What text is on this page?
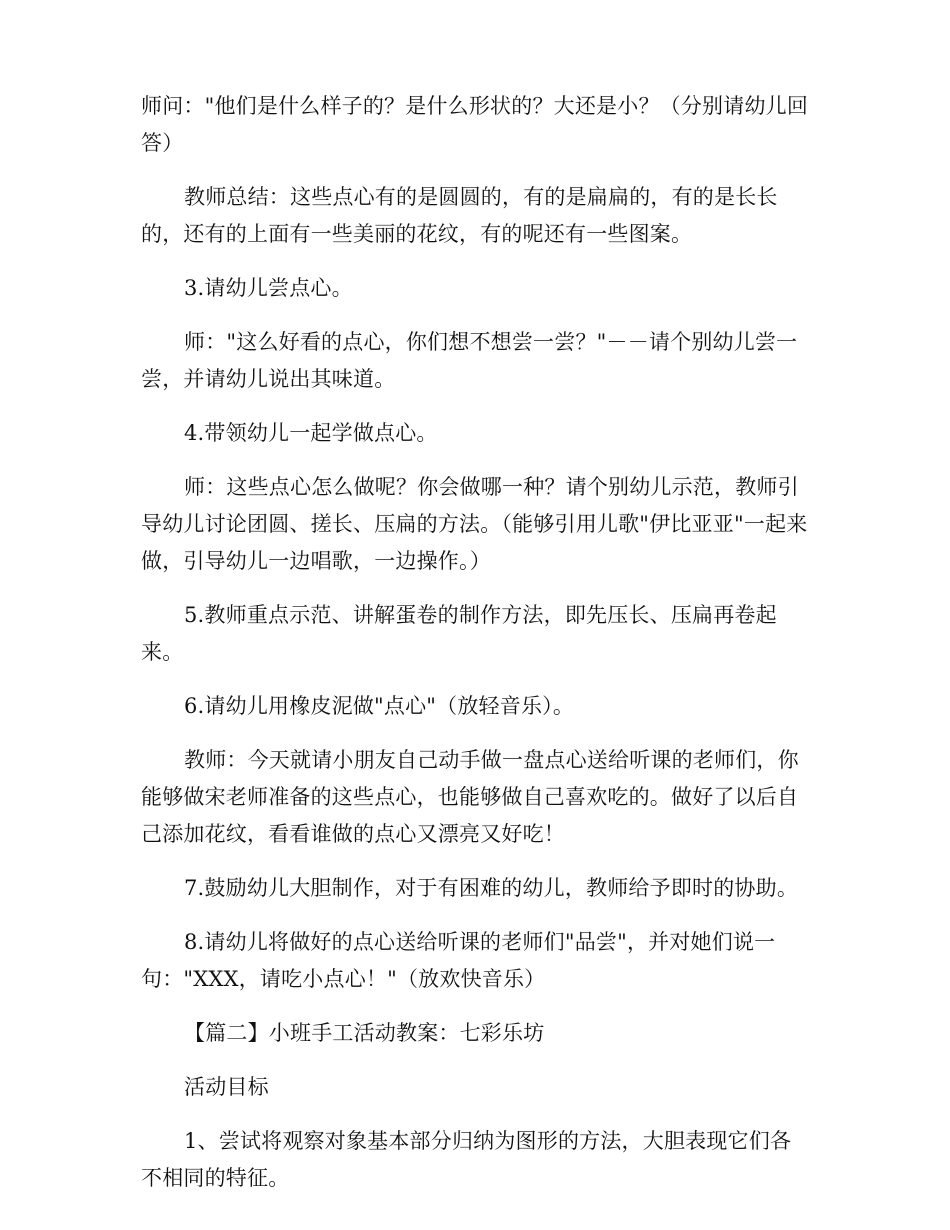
师问："他们是什么样子的？是什么形状的？大还是小？（分别请幼儿回答）

教师总结：这些点心有的是圆圆的，有的是扁扁的，有的是长长的，还有的上面有一些美丽的花纹，有的呢还有一些图案。

3.请幼儿尝点心。

师："这么好看的点心，你们想不想尝一尝？"－－请个别幼儿尝一尝，并请幼儿说出其味道。

4.带领幼儿一起学做点心。

师：这些点心怎么做呢？你会做哪一种？请个别幼儿示范，教师引导幼儿讨论团圆、搓长、压扁的方法。（能够引用儿歌"伊比亚亚"一起来做，引导幼儿一边唱歌，一边操作。）

5.教师重点示范、讲解蛋卷的制作方法，即先压长、压扁再卷起来。

6.请幼儿用橡皮泥做"点心"（放轻音乐）。

教师：今天就请小朋友自己动手做一盘点心送给听课的老师们，你能够做宋老师准备的这些点心，也能够做自己喜欢吃的。做好了以后自己添加花纹，看看谁做的点心又漂亮又好吃！

7.鼓励幼儿大胆制作，对于有困难的幼儿，教师给予即时的协助。

8.请幼儿将做好的点心送给听课的老师们"品尝"，并对她们说一句："XXX，请吃小点心！"（放欢快音乐）

【篇二】小班手工活动教案：七彩乐坊

活动目标

1、尝试将观察对象基本部分归纳为图形的方法，大胆表现它们各不相同的特征。
